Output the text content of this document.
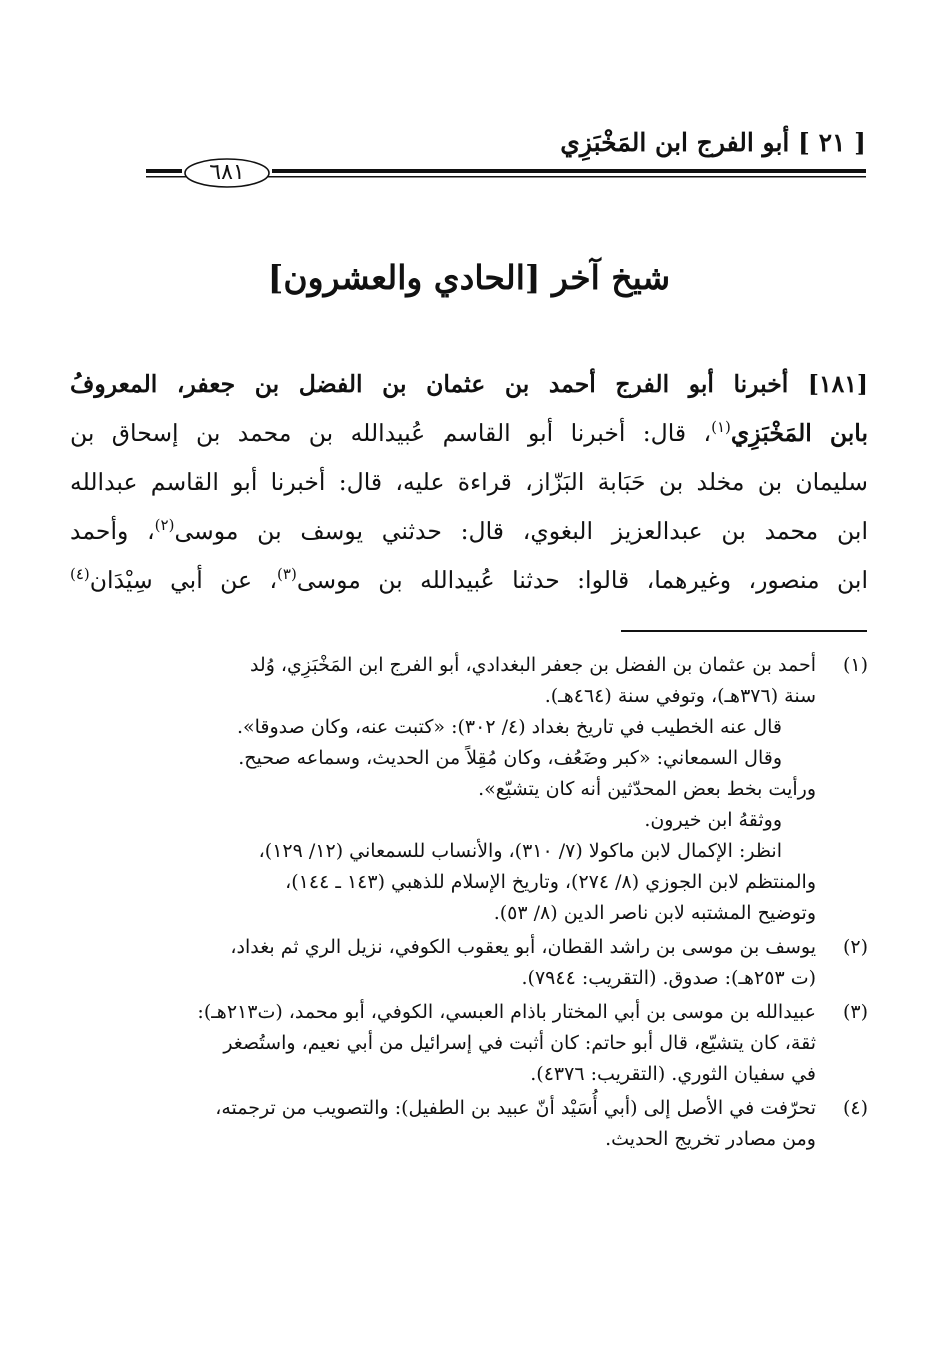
[ ٢١ ] أبو الفرج ابن المَخْبَزِي
٦٨١
شيخ آخر [الحادي والعشرون]

[١٨١] أخبرنا أبو الفرج أحمد بن عثمان بن الفضل بن جعفر، المعروفُ
بابن المَخْبَزِي$^{(١)}$، قال: أخبرنا أبو القاسم عُبيدالله بن محمد بن إسحاق بن
سليمان بن مخلد بن حَبَابة البَزّاز، قراءة عليه، قال: أخبرنا أبو القاسم عبدالله
ابن محمد بن عبدالعزيز البغوي، قال: حدثني يوسف بن موسى$^{(٢)}$، وأحمد
ابن منصور، وغيرهما، قالوا: حدثنا عُبيدالله بن موسى$^{(٣)}$، عن أبي سِيْدَان$^{(٤)}$

(١)
أحمد بن عثمان بن الفضل بن جعفر البغدادي، أبو الفرج ابن المَخْبَزِي، وُلد
سنة (٣٧٦هـ)، وتوفي سنة (٤٦٤هـ).
قال عنه الخطيب في تاريخ بغداد (٤/ ٣٠٢): «كتبت عنه، وكان صدوقا».
وقال السمعاني: «كبر وضَعُف، وكان مُقِلاً من الحديث، وسماعه صحيح.
ورأيت بخط بعض المحدّثين أنه كان يتشيّع».
ووثقهُ ابن خيرون.
انظر: الإكمال لابن ماكولا (٧/ ٣١٠)، والأنساب للسمعاني (١٢/ ١٢٩)،
والمنتظم لابن الجوزي (٨/ ٢٧٤)، وتاريخ الإسلام للذهبي (١٤٣ ـ ١٤٤)،
وتوضيح المشتبه لابن ناصر الدين (٨/ ٥٣).
(٢)
يوسف بن موسى بن راشد القطان، أبو يعقوب الكوفي، نزيل الري ثم بغداد،
(ت ٢٥٣هـ): صدوق. (التقريب: ٧٩٤٤).
(٣)
عبيدالله بن موسى بن أبي المختار باذام العبسي، الكوفي، أبو محمد، (ت٢١٣هـ):
ثقة، كان يتشيّع، قال أبو حاتم: كان أثبت في إسرائيل من أبي نعيم، واستُصغر
في سفيان الثوري. (التقريب: ٤٣٧٦).
(٤)
تحرّفت في الأصل إلى (أبي أُسَيْد أنّ عبيد بن الطفيل): والتصويب من ترجمته،
ومن مصادر تخريج الحديث.
